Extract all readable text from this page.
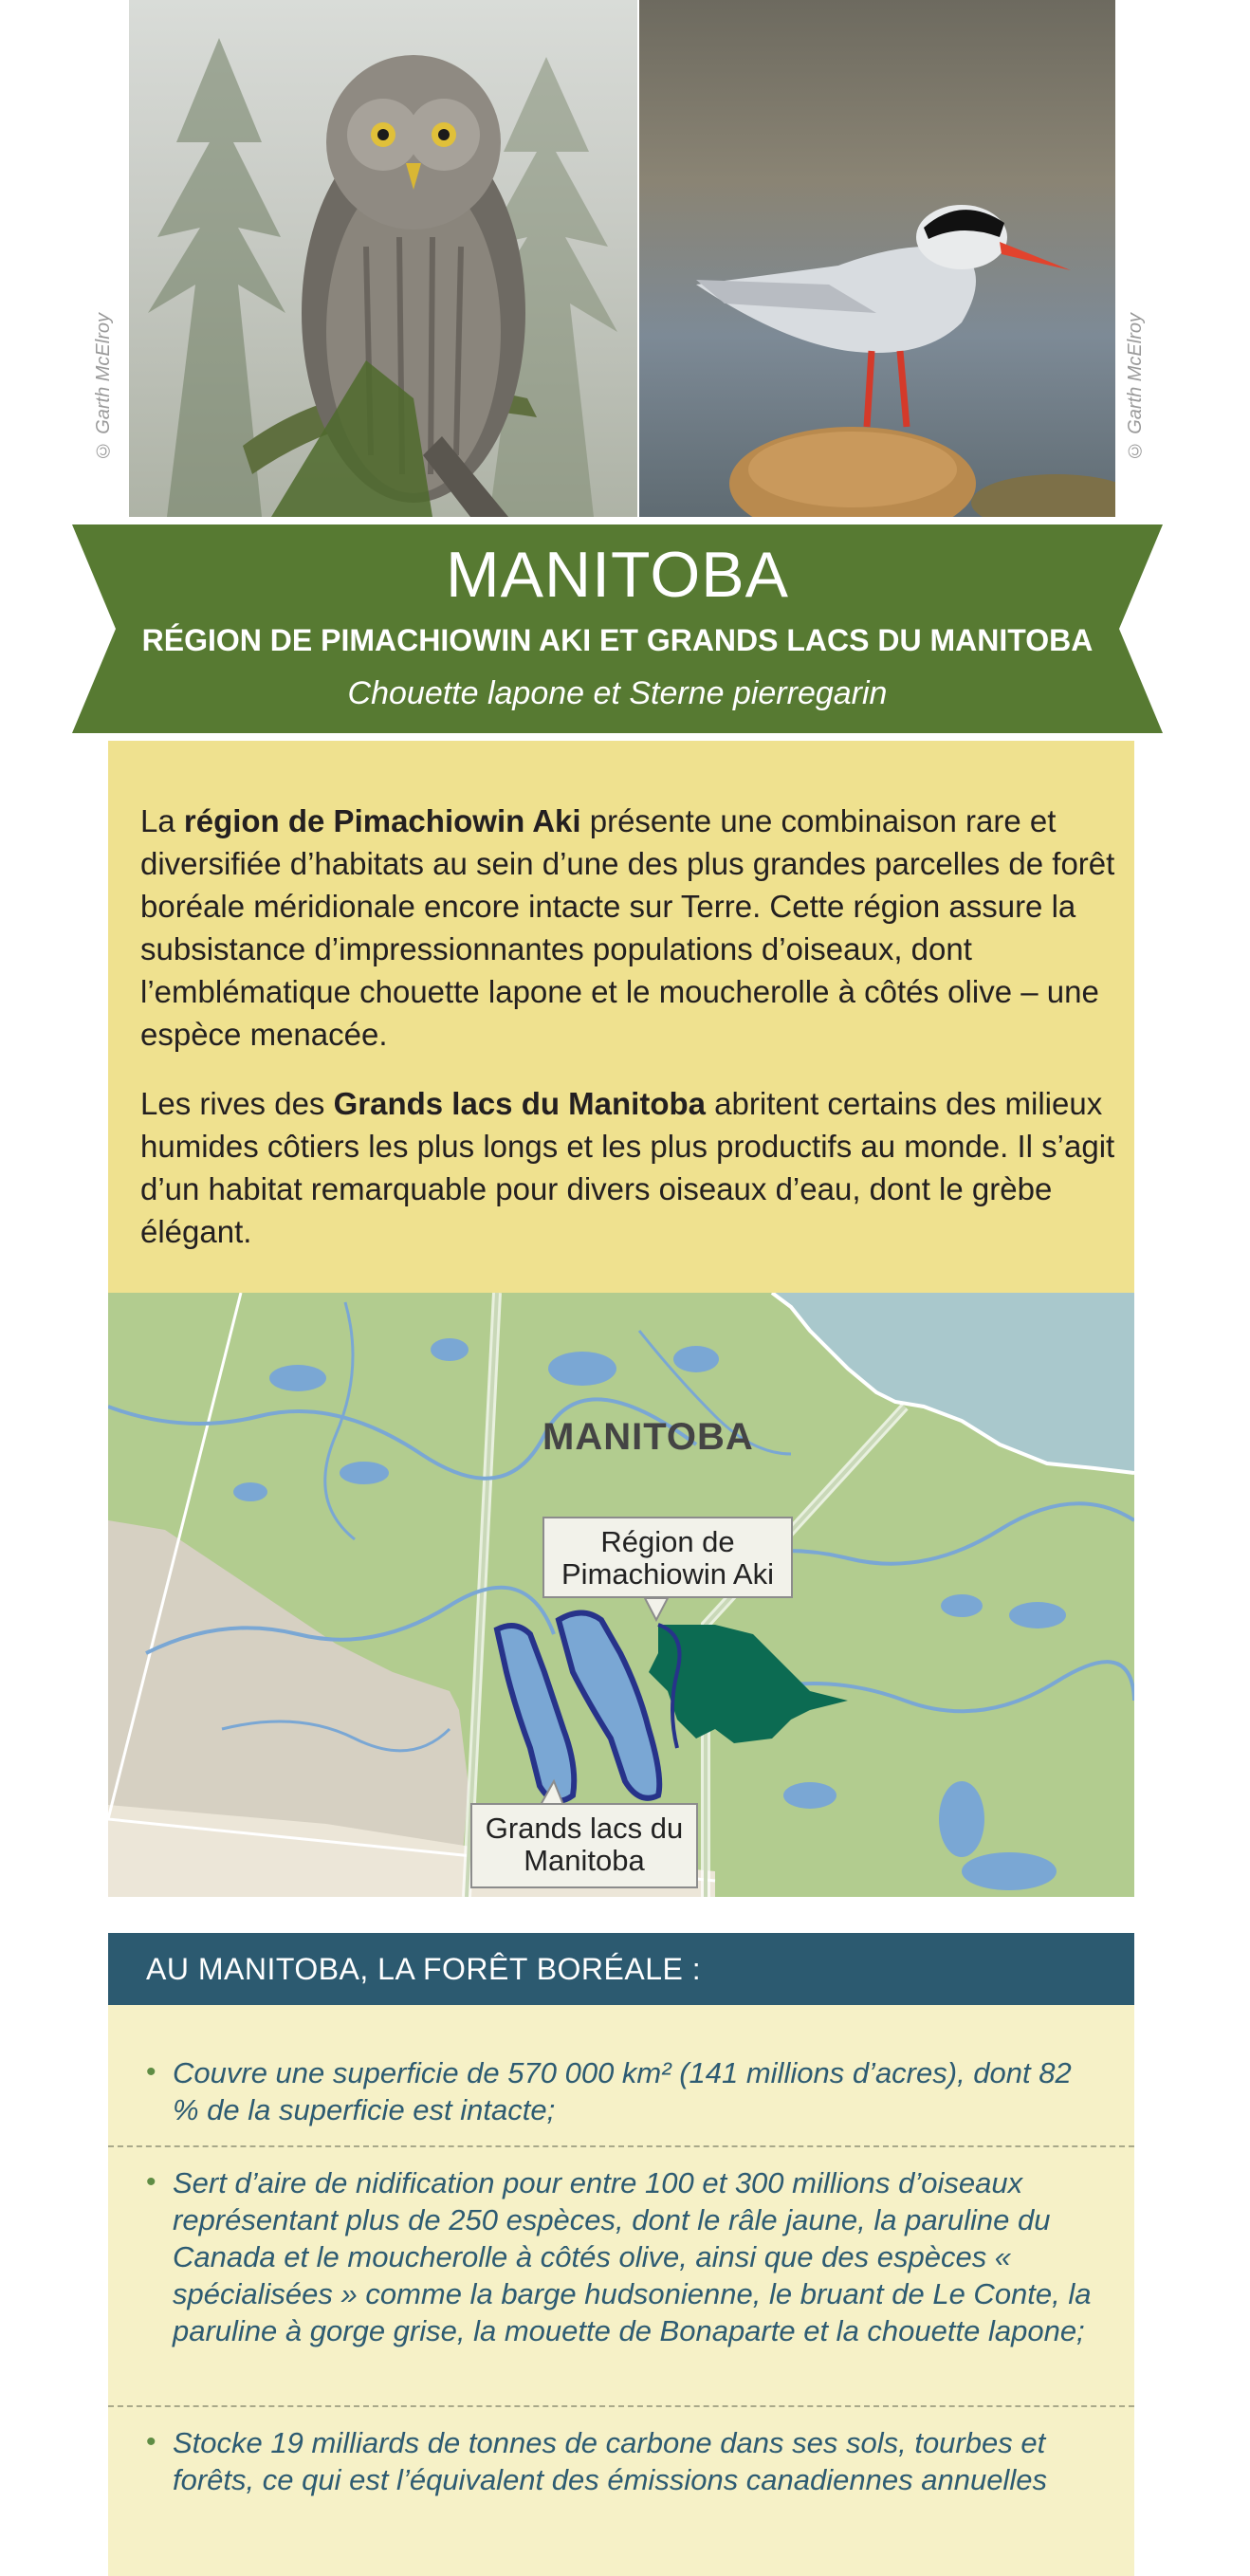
© Garth McElroy	© Garth McElroy
MANITOBA
RÉGION DE PIMACHIOWIN AKI ET GRANDS LACS DU MANITOBA
Chouette lapone et Sterne pierregarin

La région de Pimachiowin Aki présente une combinaison rare et diversifiée d’habitats au sein d’une des plus grandes parcelles de forêt boréale méridionale encore intacte sur Terre. Cette région assure la subsistance d’impressionnantes populations d’oiseaux, dont l’emblématique chouette lapone et le moucherolle à côtés olive – une espèce menacée.

Les rives des Grands lacs du Manitoba abritent certains des milieux humides côtiers les plus longs et les plus productifs au monde. Il s’agit d’un habitat remarquable pour divers oiseaux d’eau, dont le grèbe élégant.

MANITOBA
Région de Pimachiowin Aki
Grands lacs du Manitoba
AU MANITOBA, LA FORÊT BORÉALE :
• Couvre une superficie de 570 000 km² (141 millions d’acres), dont 82 % de la superficie est intacte;
• Sert d’aire de nidification pour entre 100 et 300 millions d’oiseaux représentant plus de 250 espèces, dont le râle jaune, la paruline du Canada et le moucherolle à côtés olive, ainsi que des espèces « spécialisées » comme la barge hudsonienne, le bruant de Le Conte, la paruline à gorge grise, la mouette de Bonaparte et la chouette lapone;
• Stocke 19 milliards de tonnes de carbone dans ses sols, tourbes et forêts, ce qui est l’équivalent des émissions canadiennes annuelles
